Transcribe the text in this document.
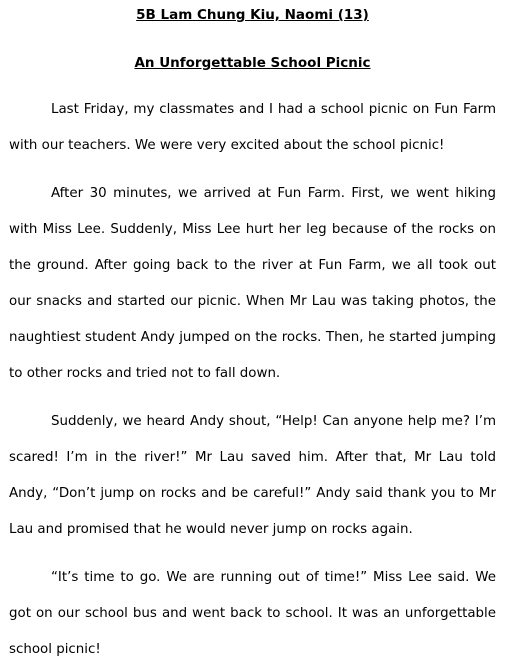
5B Lam Chung Kiu, Naomi (13)
An Unforgettable School Picnic

Last Friday, my classmates and I had a school picnic on Fun Farm with our teachers. We were very excited about the school picnic!

After 30 minutes, we arrived at Fun Farm. First, we went hiking with Miss Lee. Suddenly, Miss Lee hurt her leg because of the rocks on the ground. After going back to the river at Fun Farm, we all took out our snacks and started our picnic. When Mr Lau was taking photos, the naughtiest student Andy jumped on the rocks. Then, he started jumping to other rocks and tried not to fall down.

Suddenly, we heard Andy shout, “Help! Can anyone help me? I’m scared! I’m in the river!” Mr Lau saved him. After that, Mr Lau told Andy, “Don’t jump on rocks and be careful!” Andy said thank you to Mr Lau and promised that he would never jump on rocks again.

“It’s time to go. We are running out of time!” Miss Lee said. We got on our school bus and went back to school. It was an unforgettable school picnic!
